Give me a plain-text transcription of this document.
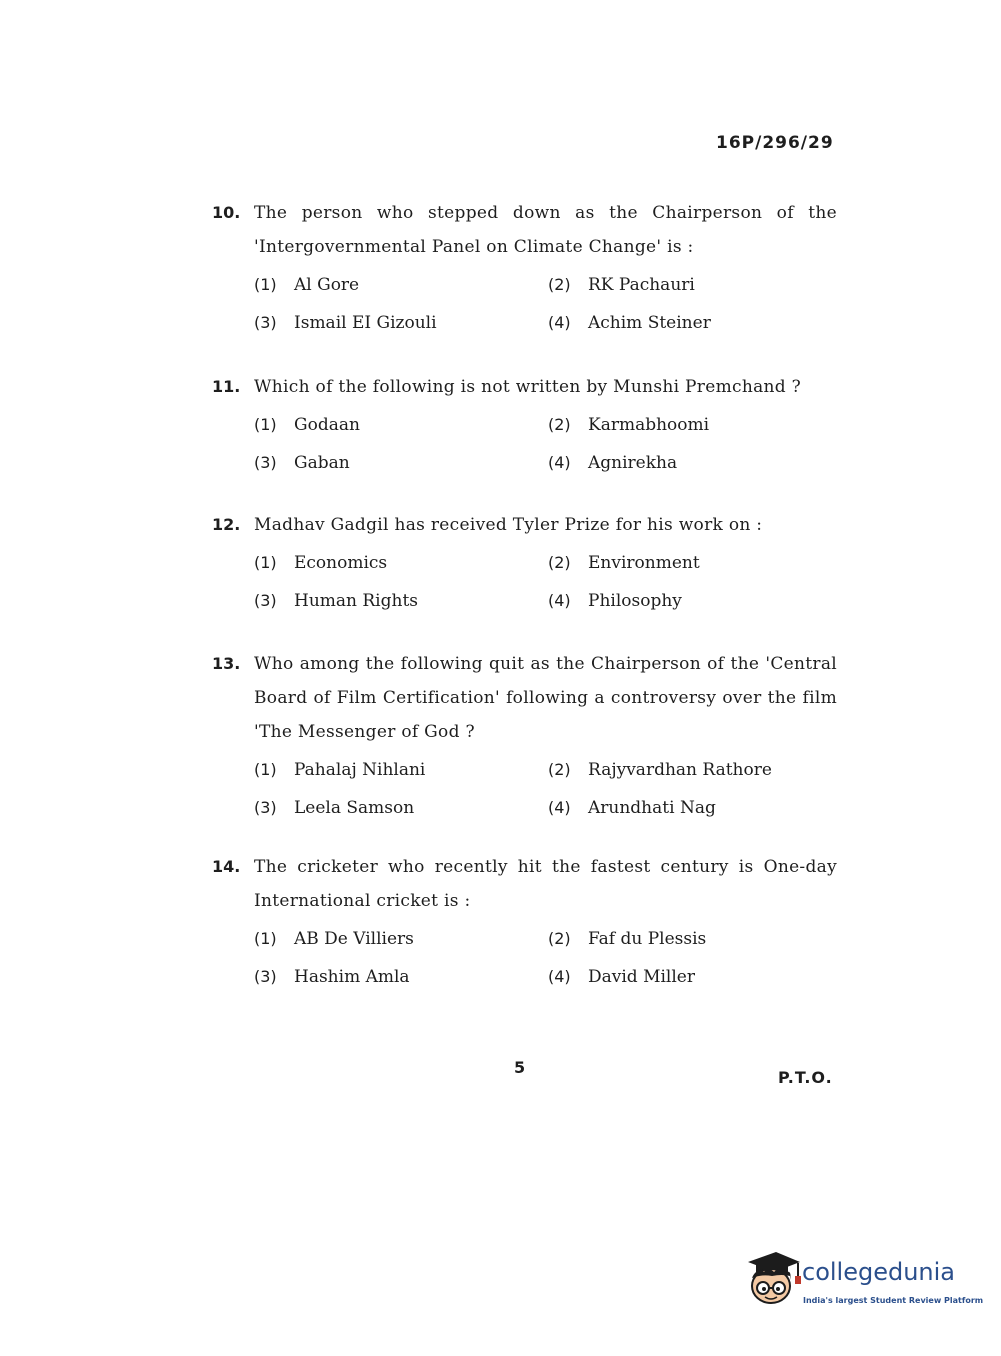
16P/296/29
10. The person who stepped down as the Chairperson of the 'Intergovernmental Panel on Climate Change' is :
(1)	Al Gore	(2)	RK Pachauri
(3)	Ismail EI Gizouli	(4)	Achim Steiner
11. Which of the following is not written by Munshi Premchand ?
(1)	Godaan	(2)	Karmabhoomi
(3)	Gaban	(4)	Agnirekha
12. Madhav Gadgil has received Tyler Prize for his work on :
(1)	Economics	(2)	Environment
(3)	Human Rights	(4)	Philosophy
13. Who among the following quit as the Chairperson of the 'Central Board of Film Certification' following a controversy over the film 'The Messenger of God ?
(1)	Pahalaj Nihlani	(2)	Rajyvardhan Rathore
(3)	Leela Samson	(4)	Arundhati Nag
14. The cricketer who recently hit the fastest century is One-day International cricket is :
(1)	AB De Villiers	(2)	Faf du Plessis
(3)	Hashim Amla	(4)	David Miller
5
P.T.O.
collegedunia
India's largest Student Review Platform
